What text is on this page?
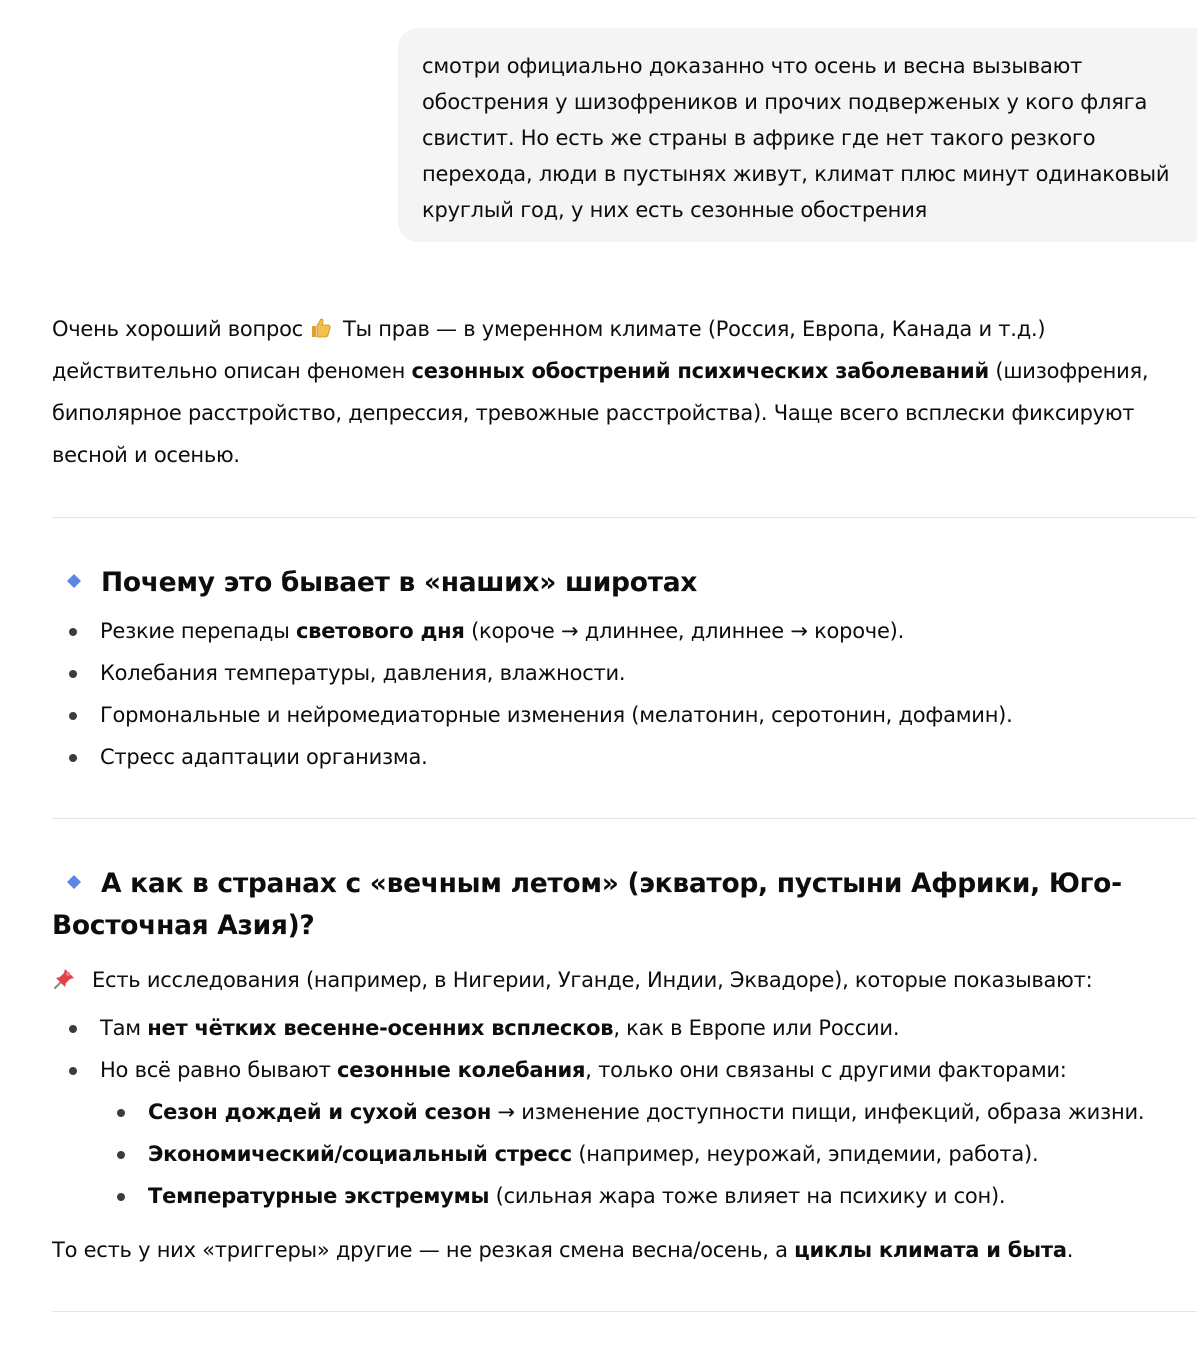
смотри официально доказанно что осень и весна вызывают обострения у шизофреников и прочих подверженых у кого фляга свистит. Но есть же страны в африке где нет такого резкого перехода, люди в пустынях живут, климат плюс минут одинаковый круглый год, у них есть сезонные обострения
Очень хороший вопрос Ты прав — в умеренном климате (Россия, Европа, Канада и т.д.) действительно описан феномен сезонных обострений психических заболеваний (шизофрения, биполярное расстройство, депрессия, тревожные расстройства). Чаще всего всплески фиксируют весной и осенью.
Почему это бывает в «наших» широтах
Резкие перепады светового дня (короче → длиннее, длиннее → короче).
Колебания температуры, давления, влажности.
Гормональные и нейромедиаторные изменения (мелатонин, серотонин, дофамин).
Стресс адаптации организма.
А как в странах с «вечным летом» (экватор, пустыни Африки, Юго-Восточная Азия)?
Есть исследования (например, в Нигерии, Уганде, Индии, Эквадоре), которые показывают:
Там нет чётких весенне-осенних всплесков, как в Европе или России.
Но всё равно бывают сезонные колебания, только они связаны с другими факторами:
Сезон дождей и сухой сезон → изменение доступности пищи, инфекций, образа жизни.
Экономический/социальный стресс (например, неурожай, эпидемии, работа).
Температурные экстремумы (сильная жара тоже влияет на психику и сон).
То есть у них «триггеры» другие — не резкая смена весна/осень, а циклы климата и быта.
